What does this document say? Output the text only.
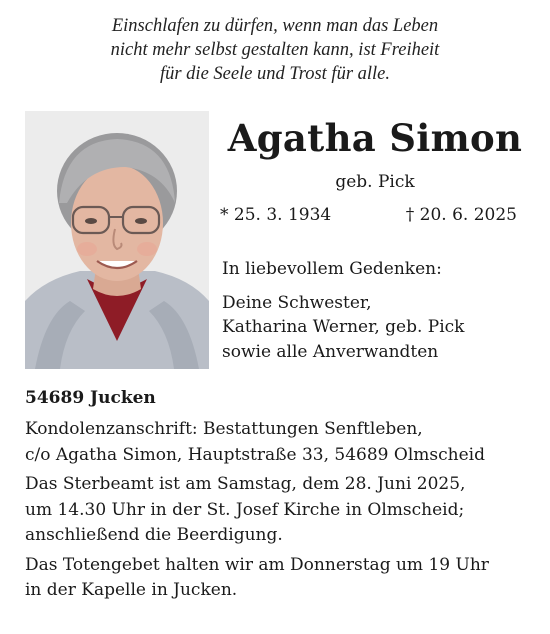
Einschlafen zu dürfen, wenn man das Leben
nicht mehr selbst gestalten kann, ist Freiheit
für die Seele und Trost für alle.
Agatha Simon
geb. Pick
* 25. 3. 1934	† 20. 6. 2025
In liebevollem Gedenken:
Deine Schwester,
Katharina Werner, geb. Pick
sowie alle Anverwandten
54689 Jucken
Kondolenzanschrift: Bestattungen Senftleben,
c/o Agatha Simon, Hauptstraße 33, 54689 Olmscheid
Das Sterbeamt ist am Samstag, dem 28. Juni 2025,
um 14.30 Uhr in der St. Josef Kirche in Olmscheid;
anschließend die Beerdigung.
Das Totengebet halten wir am Donnerstag um 19 Uhr
in der Kapelle in Jucken.
